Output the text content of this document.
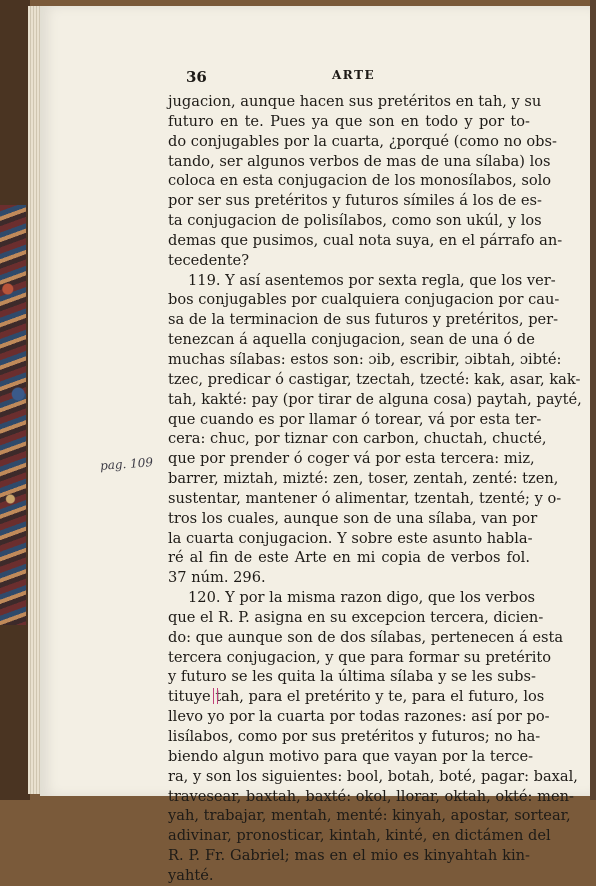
36	ARTE
jugacion, aunque hacen sus pretéritos en tah, y su
futuro en te. Pues ya que son en todo y por to-
do conjugables por la cuarta, ¿porqué (como no obs-
tando, ser algunos verbos de mas de una sílaba) los
coloca en esta conjugacion de los monosílabos, solo
por ser sus pretéritos y futuros símiles á los de es-
ta conjugacion de polisílabos, como son ukúl, y los
demas que pusimos, cual nota suya, en el párrafo an-
tecedente?
119. Y así asentemos por sexta regla, que los ver-
bos conjugables por cualquiera conjugacion por cau-
sa de la terminacion de sus futuros y pretéritos, per-
tenezcan á aquella conjugacion, sean de una ó de
muchas sílabas: estos son: ɔib, escribir, ɔibtah, ɔibté:
tzec, predicar ó castigar, tzectah, tzecté: kak, asar, kak-
tah, kakté: pay (por tirar de alguna cosa) paytah, payté,
que cuando es por llamar ó torear, vá por esta ter-
cera: chuc, por tiznar con carbon, chuctah, chucté,
que por prender ó coger vá por esta tercera: miz,
barrer, miztah, mizté: zen, toser, zentah, zenté: tzen,
sustentar, mantener ó alimentar, tzentah, tzenté; y o-
tros los cuales, aunque son de una sílaba, van por
la cuarta conjugacion. Y sobre este asunto habla-
ré al fin de este Arte en mi copia de verbos fol.
37 núm. 296.
120. Y por la misma razon digo, que los verbos
que el R. P. asigna en su excepcion tercera, dicien-
do: que aunque son de dos sílabas, pertenecen á esta
tercera conjugacion, y que para formar su pretérito
y futuro se les quita la última sílaba y se les subs-
tituye tah, para el pretérito y te, para el futuro, los
llevo yo por la cuarta por todas razones: así por po-
lisílabos, como por sus pretéritos y futuros; no ha-
biendo algun motivo para que vayan por la terce-
ra, y son los siguientes: bool, botah, boté, pagar: baxal,
travesear, baxtah, baxté: okol, llorar, oktah, okté: men-
yah, trabajar, mentah, menté: kinyah, apostar, sortear,
adivinar, pronosticar, kintah, kinté, en dictámen del
R. P. Fr. Gabriel; mas en el mio es kinyahtah kin-
yahté.
pag. 109
